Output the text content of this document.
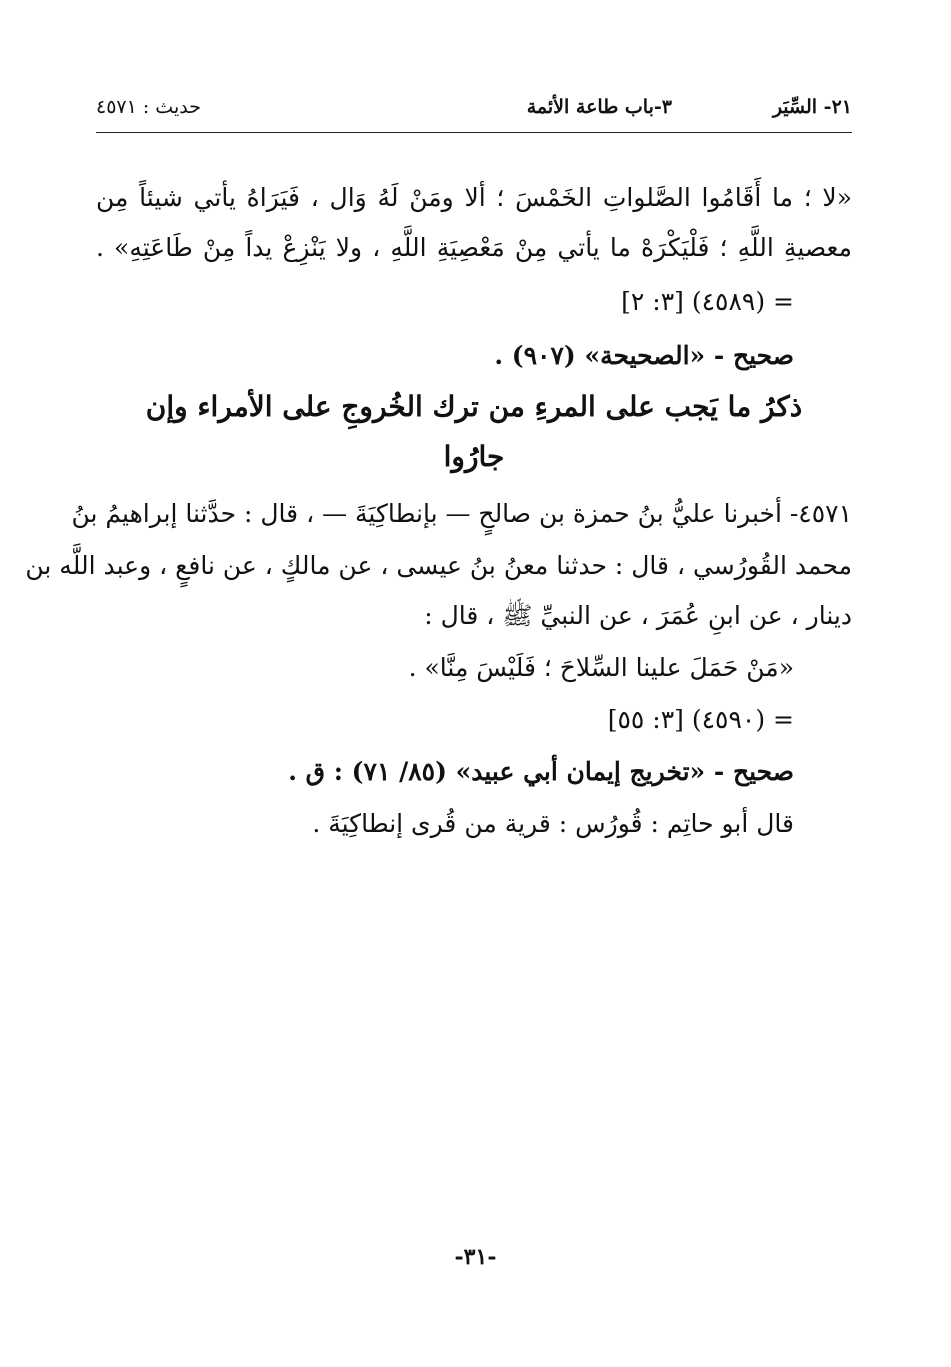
٢١- السِّيَر
٣-باب طاعة الأئمة
حديث : ٤٥٧١
«لا ؛ ما أَقَامُوا الصَّلواتِ الخَمْسَ ؛ ألا ومَنْ لَهُ وَال ، فَيَرَاهُ يأتي شيئاً مِن
معصيةِ اللَّهِ ؛ فَلْيَكْرَهْ ما يأتي مِنْ مَعْصِيَةِ اللَّهِ ، ولا يَنْزِعْ يداً مِنْ طَاعَتِهِ» .
= (٤٥٨٩) [٣: ٢]
صحيح - «الصحيحة» (٩٠٧) .
ذكرُ ما يَجب على المرءِ من ترك الخُروجِ على الأمراء وإن
جارُوا
٤٥٧١- أخبرنا عليُّ بنُ حمزة بن صالحٍ — بإنطاكِيَةَ — ، قال : حدَّثنا إبراهيمُ بنُ
محمد القُورُسي ، قال : حدثنا معنُ بنُ عيسى ، عن مالكٍ ، عن نافعٍ ، وعبد اللَّه بن
دينار ، عن ابنِ عُمَرَ ، عن النبيِّ ﷺ ، قال :
«مَنْ حَمَلَ علينا السِّلاحَ ؛ فَلَيْسَ مِنَّا» .
= (٤٥٩٠) [٣: ٥٥]
صحيح - «تخريج إيمان أبي عبيد» (٨٥/ ٧١) : ق .
قال أبو حاتِم : قُورُس : قرية من قُرى إنطاكِيَةَ .
-٣١-
